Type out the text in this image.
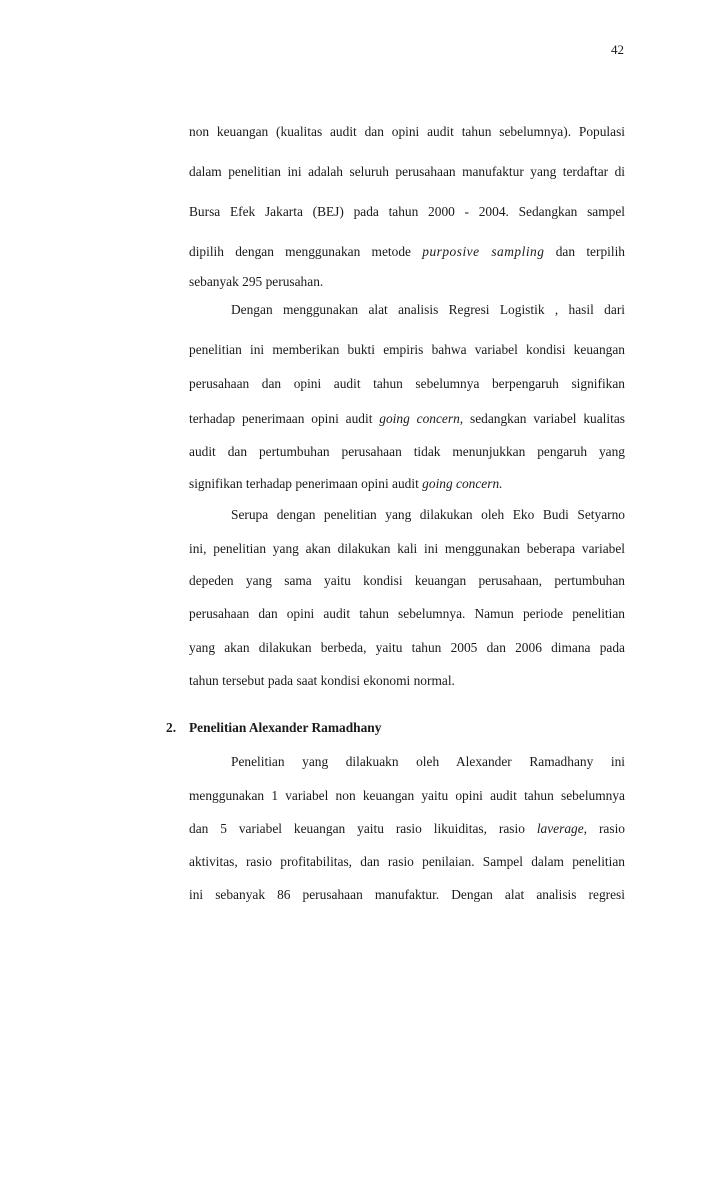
42
non keuangan (kualitas audit dan opini audit tahun sebelumnya). Populasi
dalam penelitian ini adalah seluruh perusahaan manufaktur yang terdaftar di
Bursa Efek Jakarta (BEJ) pada tahun 2000 - 2004. Sedangkan sampel
dipilih dengan menggunakan metode purposive sampling dan terpilih
sebanyak 295 perusahan.
Dengan menggunakan alat analisis Regresi Logistik , hasil dari
penelitian ini memberikan bukti empiris bahwa variabel kondisi keuangan
perusahaan dan opini audit tahun sebelumnya berpengaruh signifikan
terhadap penerimaan opini audit going concern, sedangkan variabel kualitas
audit dan pertumbuhan perusahaan tidak menunjukkan pengaruh yang
signifikan terhadap penerimaan opini audit going concern.
Serupa dengan penelitian yang dilakukan oleh Eko Budi Setyarno
ini, penelitian yang akan dilakukan kali ini menggunakan beberapa variabel
depeden yang sama yaitu kondisi keuangan perusahaan, pertumbuhan
perusahaan dan opini audit tahun sebelumnya. Namun periode penelitian
yang akan dilakukan berbeda, yaitu tahun 2005 dan 2006 dimana pada
tahun tersebut pada saat kondisi ekonomi normal.
2. Penelitian Alexander Ramadhany
Penelitian yang dilakuakn oleh Alexander Ramadhany ini
menggunakan 1 variabel non keuangan yaitu opini audit tahun sebelumnya
dan 5 variabel keuangan yaitu rasio likuiditas, rasio laverage, rasio
aktivitas, rasio profitabilitas, dan rasio penilaian. Sampel dalam penelitian
ini sebanyak 86 perusahaan manufaktur. Dengan alat analisis regresi
